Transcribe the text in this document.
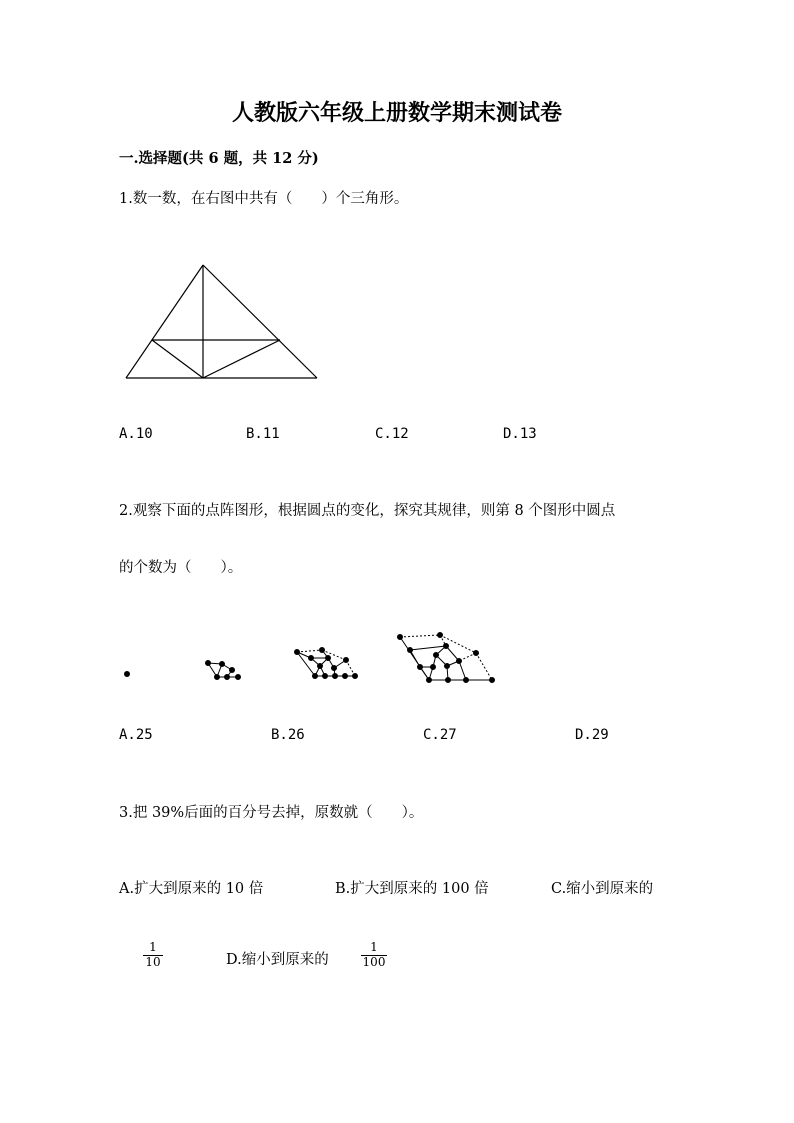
人教版六年级上册数学期末测试卷
一.选择题(共 6 题，共 12 分)
1.数一数，在右图中共有（　　）个三角形。
A.10	B.11	C.12	D.13
2.观察下面的点阵图形，根据圆点的变化，探究其规律，则第 8 个图形中圆点
的个数为（　　）。
A.25	B.26	C.27	D.29
3.把 39%后面的百分号去掉，原数就（　　）。
A.扩大到原来的 10 倍	B.扩大到原来的 100 倍	C.缩小到原来的
$\frac{1}{10}$	D.缩小到原来的	$\frac{1}{100}$
